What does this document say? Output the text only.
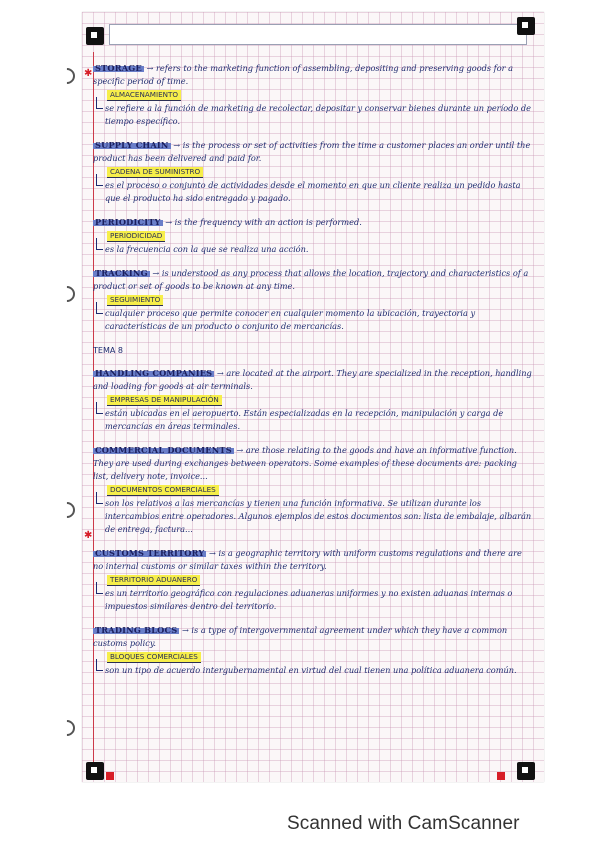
✱
✱

STORAGE → refers to the marketing function of assembling, depositing and preserving goods for a specific period of time.

ALMACENAMIENTO

se refiere a la función de marketing de recolectar, depositar y conservar bienes durante un período de tiempo específico.

SUPPLY CHAIN → is the process or set of activities from the time a customer places an order until the product has been delivered and paid for.

CADENA DE SUMINISTRO

es el proceso o conjunto de actividades desde el momento en que un cliente realiza un pedido hasta que el producto ha sido entregado y pagado.

PERIODICITY → is the frequency with an action is performed.

PERIODICIDAD

es la frecuencia con la que se realiza una acción.

TRACKING → is understood as any process that allows the location, trajectory and characteristics of a product or set of goods to be known at any time.

SEGUIMIENTO

cualquier proceso que permite conocer en cualquier momento la ubicación, trayectoria y características de un producto o conjunto de mercancías.

TEMA 8

HANDLING COMPANIES → are located at the airport. They are specialized in the reception, handling and loading for goods at air terminals.

EMPRESAS DE MANIPULACIÓN

están ubicadas en el aeropuerto. Están especializadas en la recepción, manipulación y carga de mercancías en áreas terminales.

COMMERCIAL DOCUMENTS → are those relating to the goods and have an informative function. They are used during exchanges between operators. Some examples of these documents are: packing list, delivery note, invoice...

DOCUMENTOS COMERCIALES

son los relativos a las mercancías y tienen una función informativa. Se utilizan durante los intercambios entre operadores. Algunos ejemplos de estos documentos son: lista de embalaje, albarán de entrega, factura...

CUSTOMS TERRITORY → is a geographic territory with uniform customs regulations and there are no internal customs or similar taxes within the territory.

TERRITORIO ADUANERO

es un territorio geográfico con regulaciones aduaneras uniformes y no existen aduanas internas o impuestos similares dentro del territorio.

TRADING BLOCS → is a type of intergovernmental agreement under which they have a common customs policy.

BLOQUES COMERCIALES

son un tipo de acuerdo intergubernamental en virtud del cual tienen una política aduanera común.

Scanned with CamScanner
